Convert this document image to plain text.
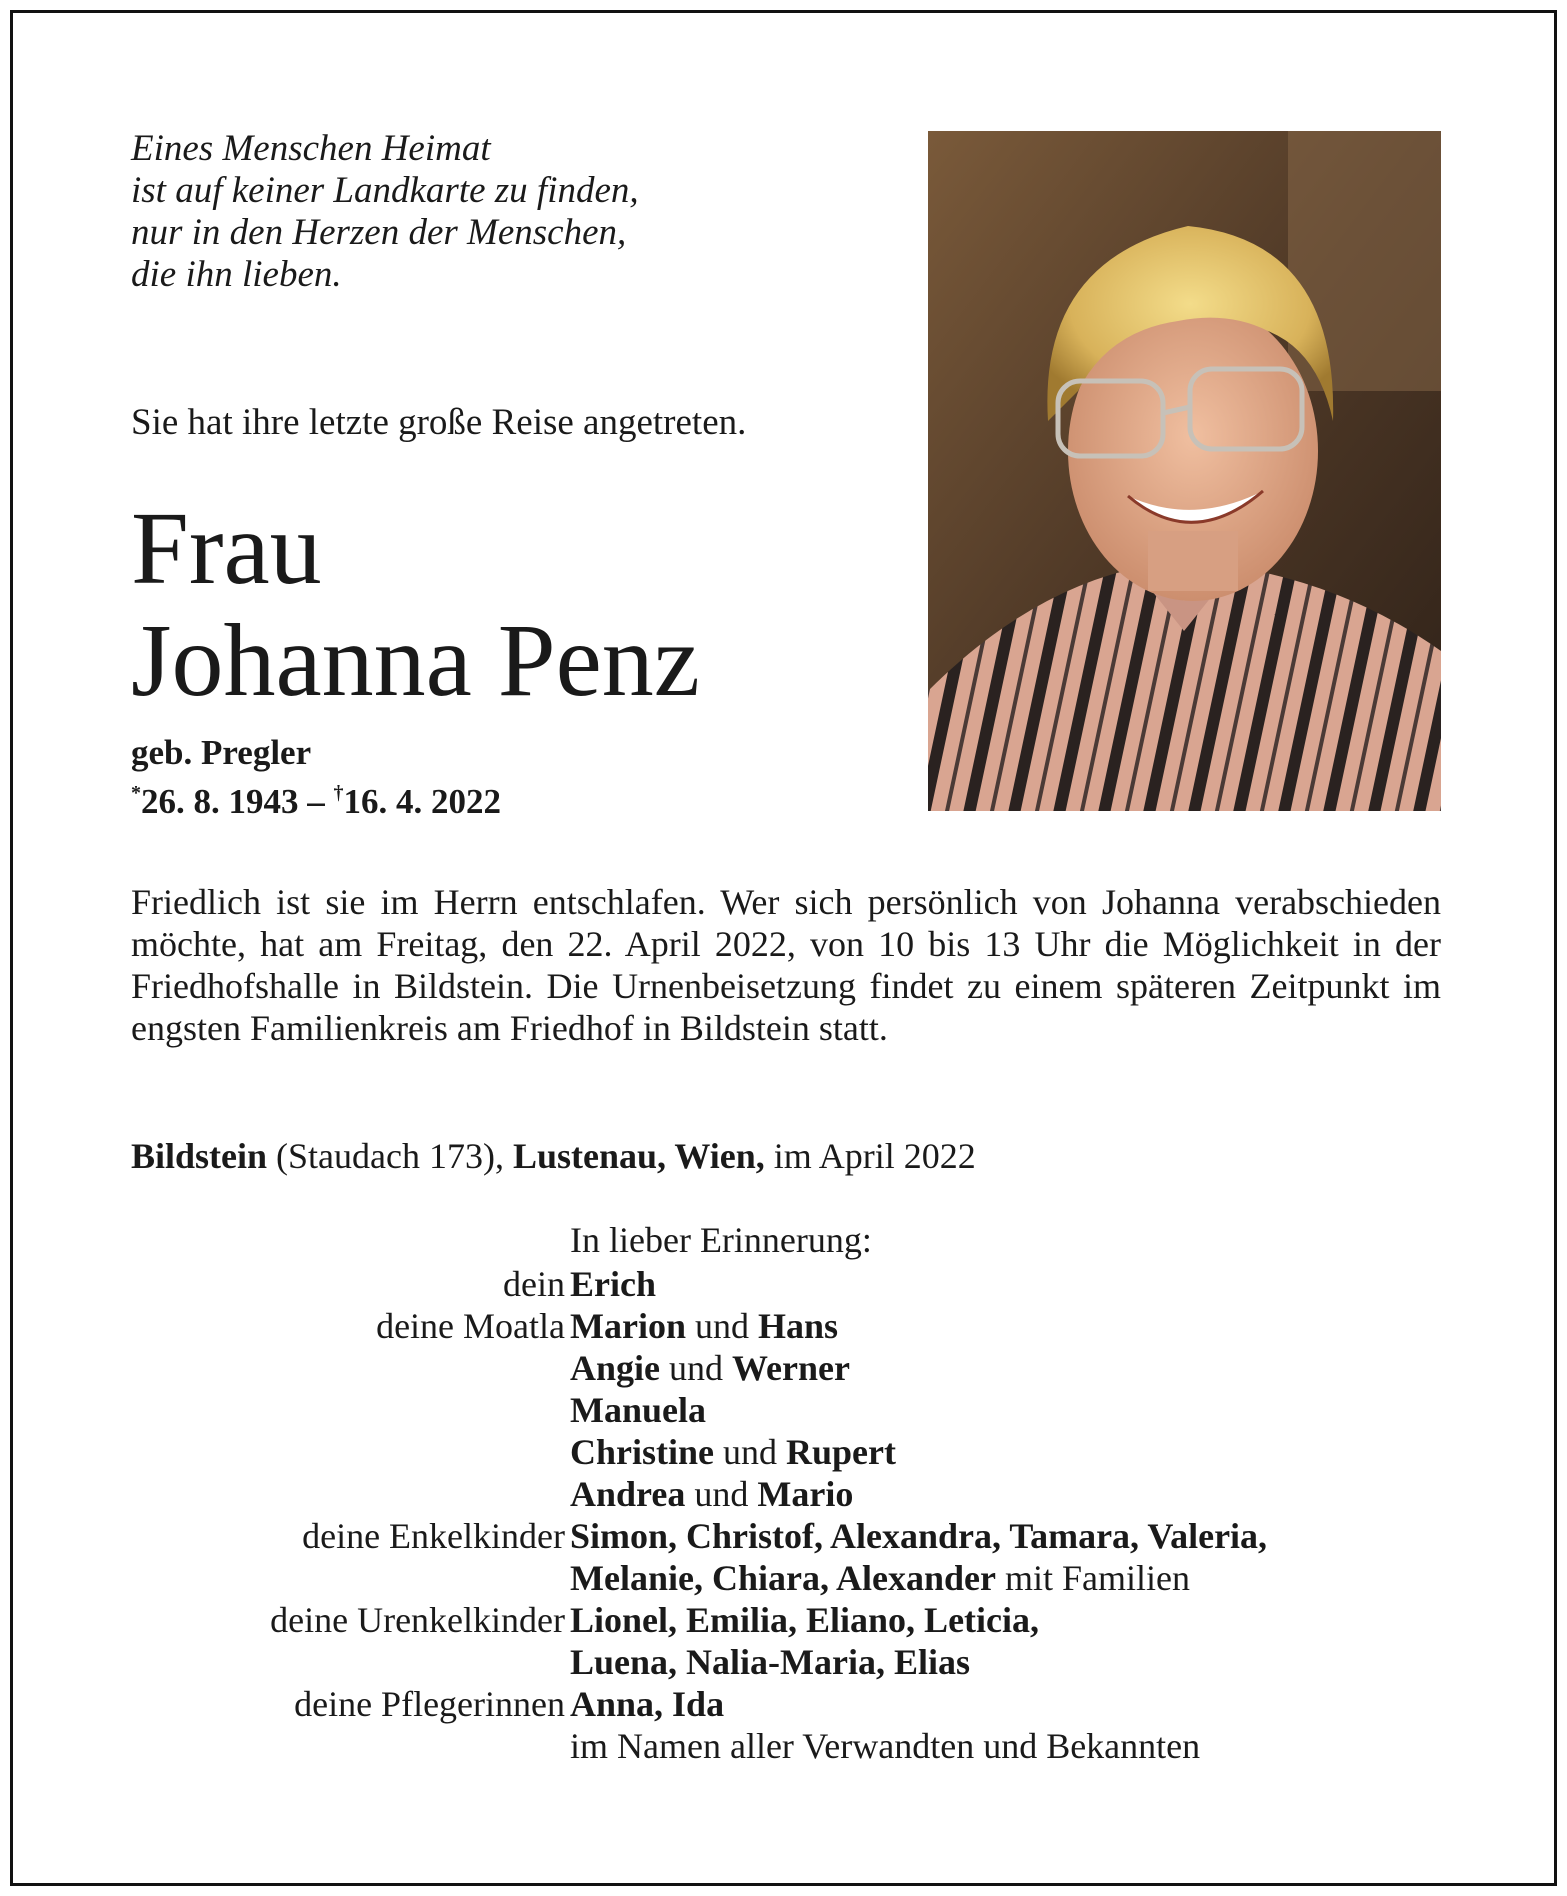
Eines Menschen Heimat
ist auf keiner Landkarte zu finden,
nur in den Herzen der Menschen,
die ihn lieben.
Sie hat ihre letzte große Reise angetreten.
Frau
Johanna Penz
geb. Pregler
*26. 8. 1943 – †16. 4. 2022
Friedlich ist sie im Herrn entschlafen. Wer sich persönlich von Johanna verabschieden möchte, hat am Freitag, den 22. April 2022, von 10 bis 13 Uhr die Möglichkeit in der Friedhofshalle in Bildstein. Die Urnenbeisetzung findet zu einem späteren Zeitpunkt im engsten Familienkreis am Friedhof in Bildstein statt.
Bildstein (Staudach 173), Lustenau, Wien, im April 2022
In lieber Erinnerung:
dein Erich
deine Moatla Marion und Hans
Angie und Werner
Manuela
Christine und Rupert
Andrea und Mario
deine Enkelkinder Simon, Christof, Alexandra, Tamara, Valeria,
Melanie, Chiara, Alexander mit Familien
deine Urenkelkinder Lionel, Emilia, Eliano, Leticia,
Luena, Nalia-Maria, Elias
deine Pflegerinnen Anna, Ida
im Namen aller Verwandten und Bekannten
